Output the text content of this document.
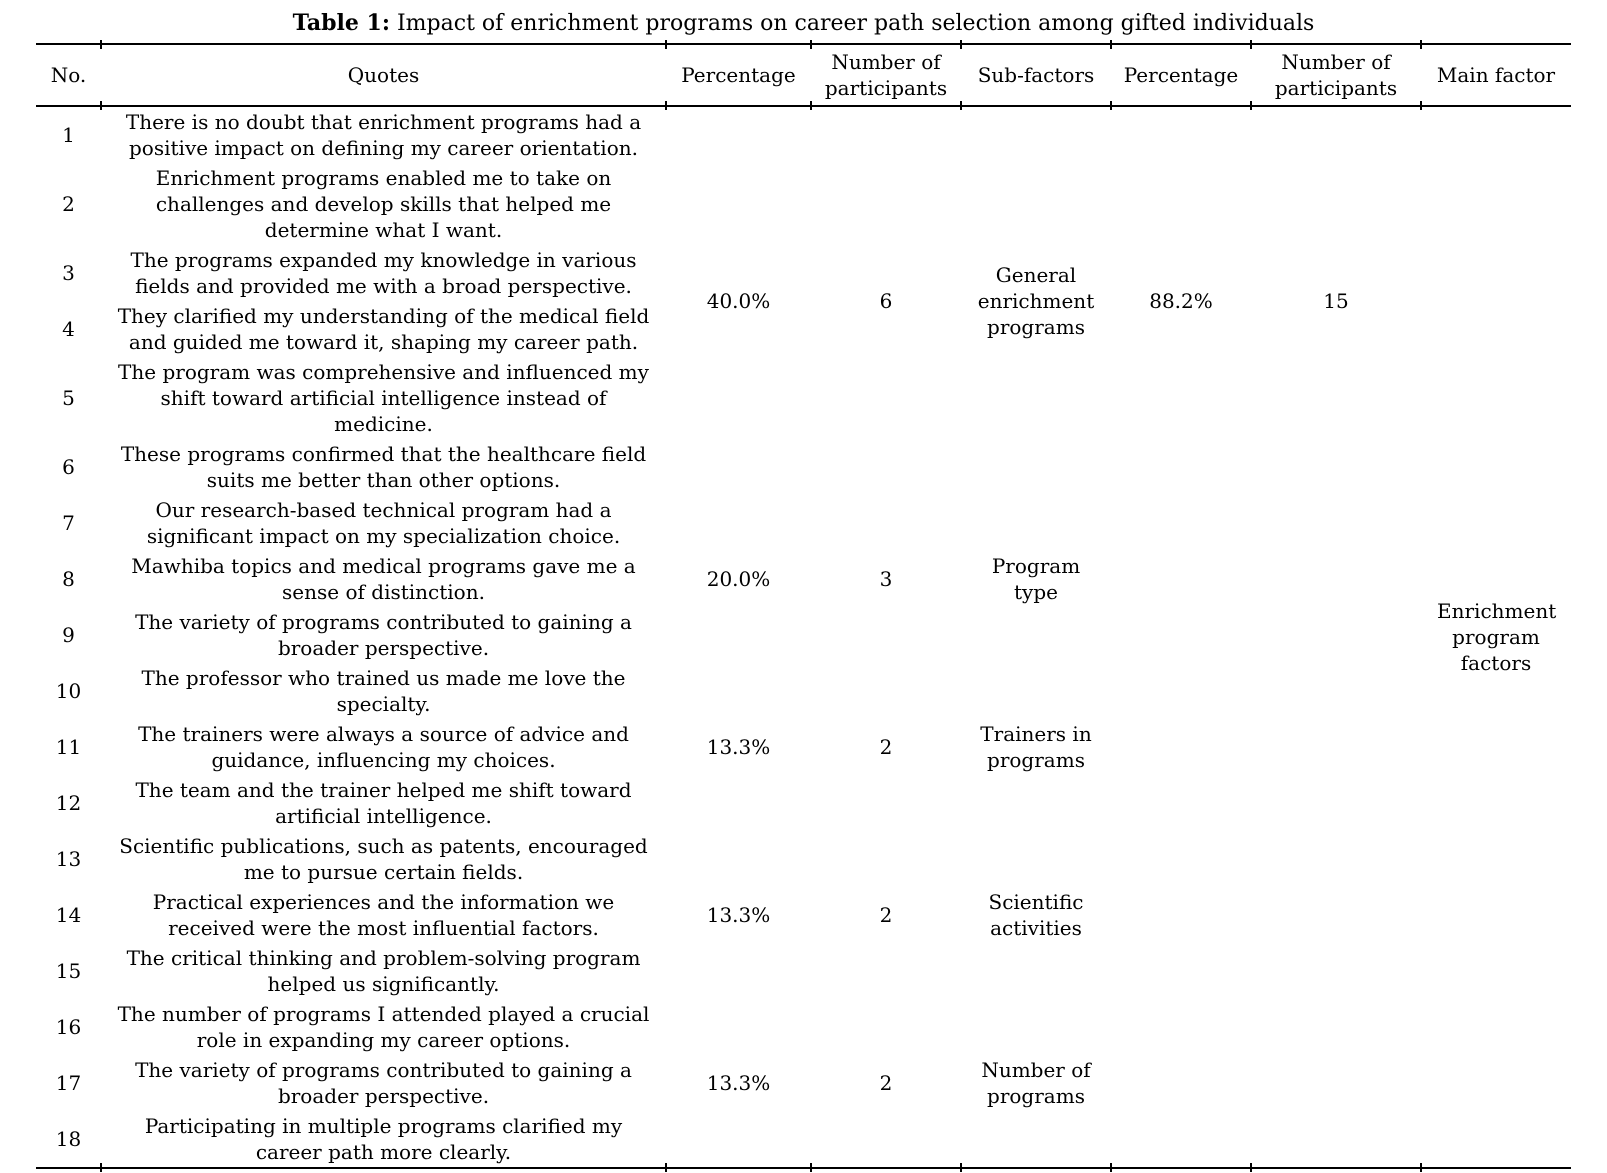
Table 1: Impact of enrichment programs on career path selection among gifted individuals
No.	Quotes	Percentage	Number of participants	Sub-factors	Percentage	Number of participants	Main factor
1	There is no doubt that enrichment programs had a positive impact on defining my career orientation.	40.0%	6	General enrichment programs	88.2%	15	Enrichment program factors
2	Enrichment programs enabled me to take on challenges and develop skills that helped me determine what I want.						
3	The programs expanded my knowledge in various fields and provided me with a broad perspective.						
4	They clarified my understanding of the medical field and guided me toward it, shaping my career path.						
5	The program was comprehensive and influenced my shift toward artificial intelligence instead of medicine.						
6	These programs confirmed that the healthcare field suits me better than other options.						
7	Our research-based technical program had a significant impact on my specialization choice.	20.0%	3	Program type			
8	Mawhiba topics and medical programs gave me a sense of distinction.						
9	The variety of programs contributed to gaining a broader perspective.						
10	The professor who trained us made me love the specialty.	13.3%	2	Trainers in programs			
11	The trainers were always a source of advice and guidance, influencing my choices.						
12	The team and the trainer helped me shift toward artificial intelligence.						
13	Scientific publications, such as patents, encouraged me to pursue certain fields.	13.3%	2	Scientific activities			
14	Practical experiences and the information we received were the most influential factors.						
15	The critical thinking and problem-solving program helped us significantly.						
16	The number of programs I attended played a crucial role in expanding my career options.	13.3%	2	Number of programs			
17	The variety of programs contributed to gaining a broader perspective.						
18	Participating in multiple programs clarified my career path more clearly.						
